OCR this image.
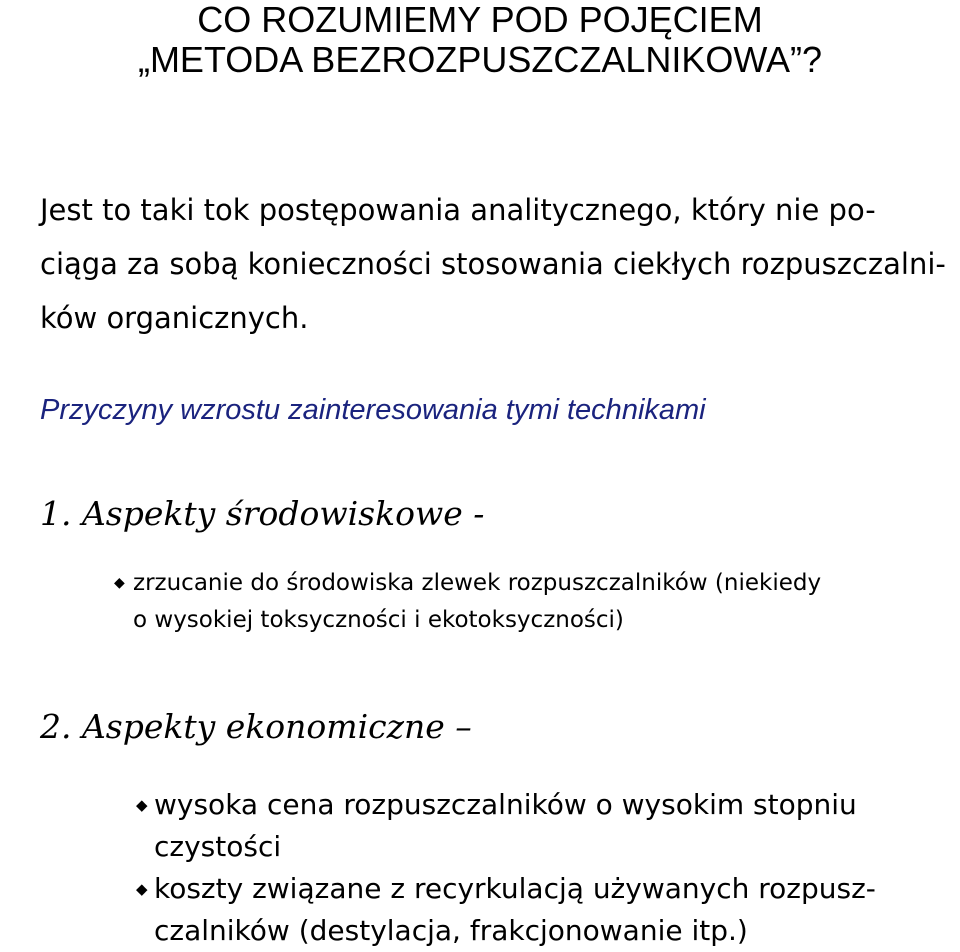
CO ROZUMIEMY POD POJĘCIEM
„METODA BEZROZPUSZCZALNIKOWA”?
Jest to taki tok postępowania analitycznego, który nie po-
ciąga za sobą konieczności stosowania ciekłych rozpuszczalni-
ków organicznych.
Przyczyny wzrostu zainteresowania tymi technikami
1. Aspekty środowiskowe -
◆ zrzucanie do środowiska zlewek rozpuszczalników (niekiedy
o wysokiej toksyczności i ekotoksyczności)
2. Aspekty ekonomiczne –
◆ wysoka cena rozpuszczalników o wysokim stopniu
czystości
◆ koszty związane z recyrkulacją używanych rozpusz-
czalników (destylacja, frakcjonowanie itp.)
